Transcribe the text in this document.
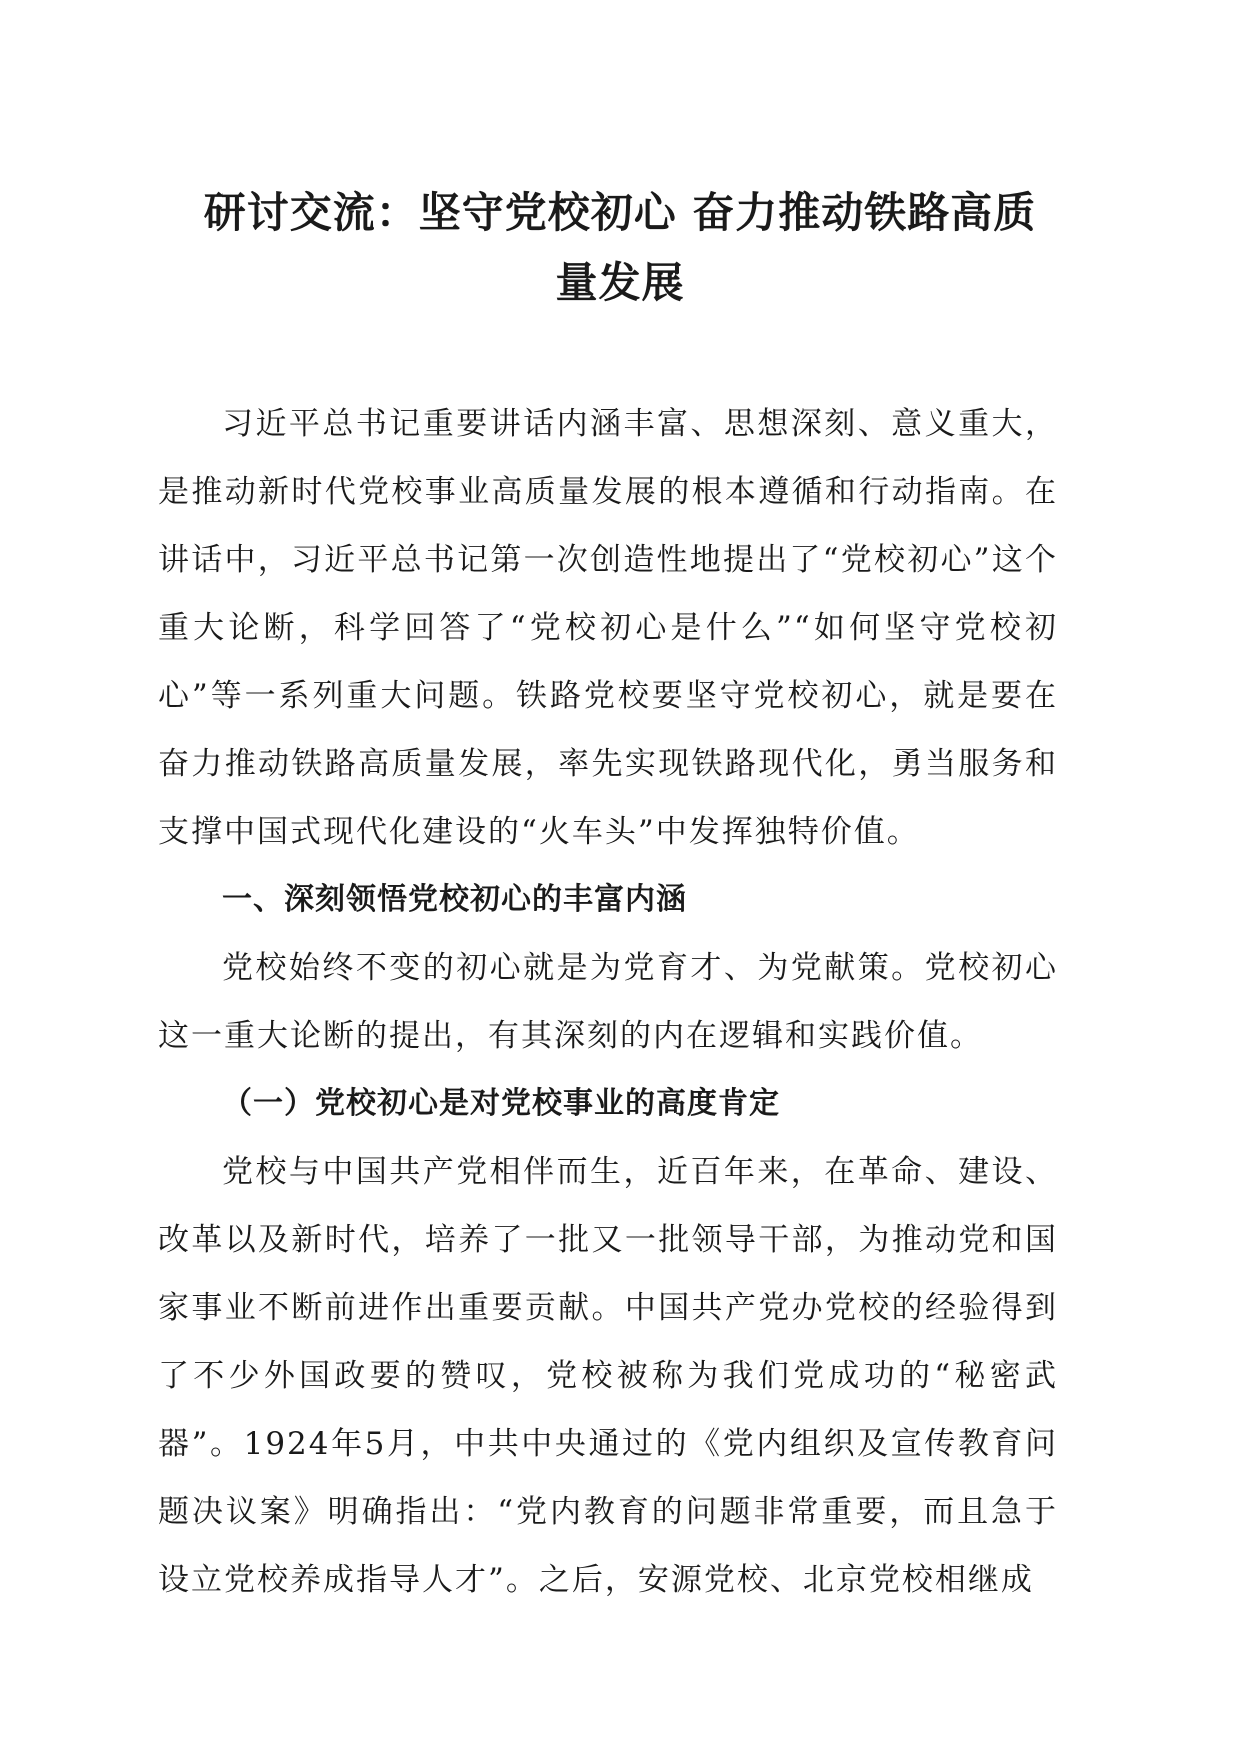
研讨交流：坚守党校初心 奋力推动铁路高质
量发展

习近平总书记重要讲话内涵丰富、思想深刻、意义重大，是推动新时代党校事业高质量发展的根本遵循和行动指南。在讲话中，习近平总书记第一次创造性地提出了“党校初心”这个重大论断，科学回答了“党校初心是什么”“如何坚守党校初心”等一系列重大问题。铁路党校要坚守党校初心，就是要在奋力推动铁路高质量发展，率先实现铁路现代化，勇当服务和支撑中国式现代化建设的“火车头”中发挥独特价值。

一、深刻领悟党校初心的丰富内涵

党校始终不变的初心就是为党育才、为党献策。党校初心这一重大论断的提出，有其深刻的内在逻辑和实践价值。

（一）党校初心是对党校事业的高度肯定

党校与中国共产党相伴而生，近百年来，在革命、建设、改革以及新时代，培养了一批又一批领导干部，为推动党和国家事业不断前进作出重要贡献。中国共产党办党校的经验得到了不少外国政要的赞叹，党校被称为我们党成功的“秘密武器”。1924年5月，中共中央通过的《党内组织及宣传教育问题决议案》明确指出：“党内教育的问题非常重要，而且急于设立党校养成指导人才”。之后，安源党校、北京党校相继成
